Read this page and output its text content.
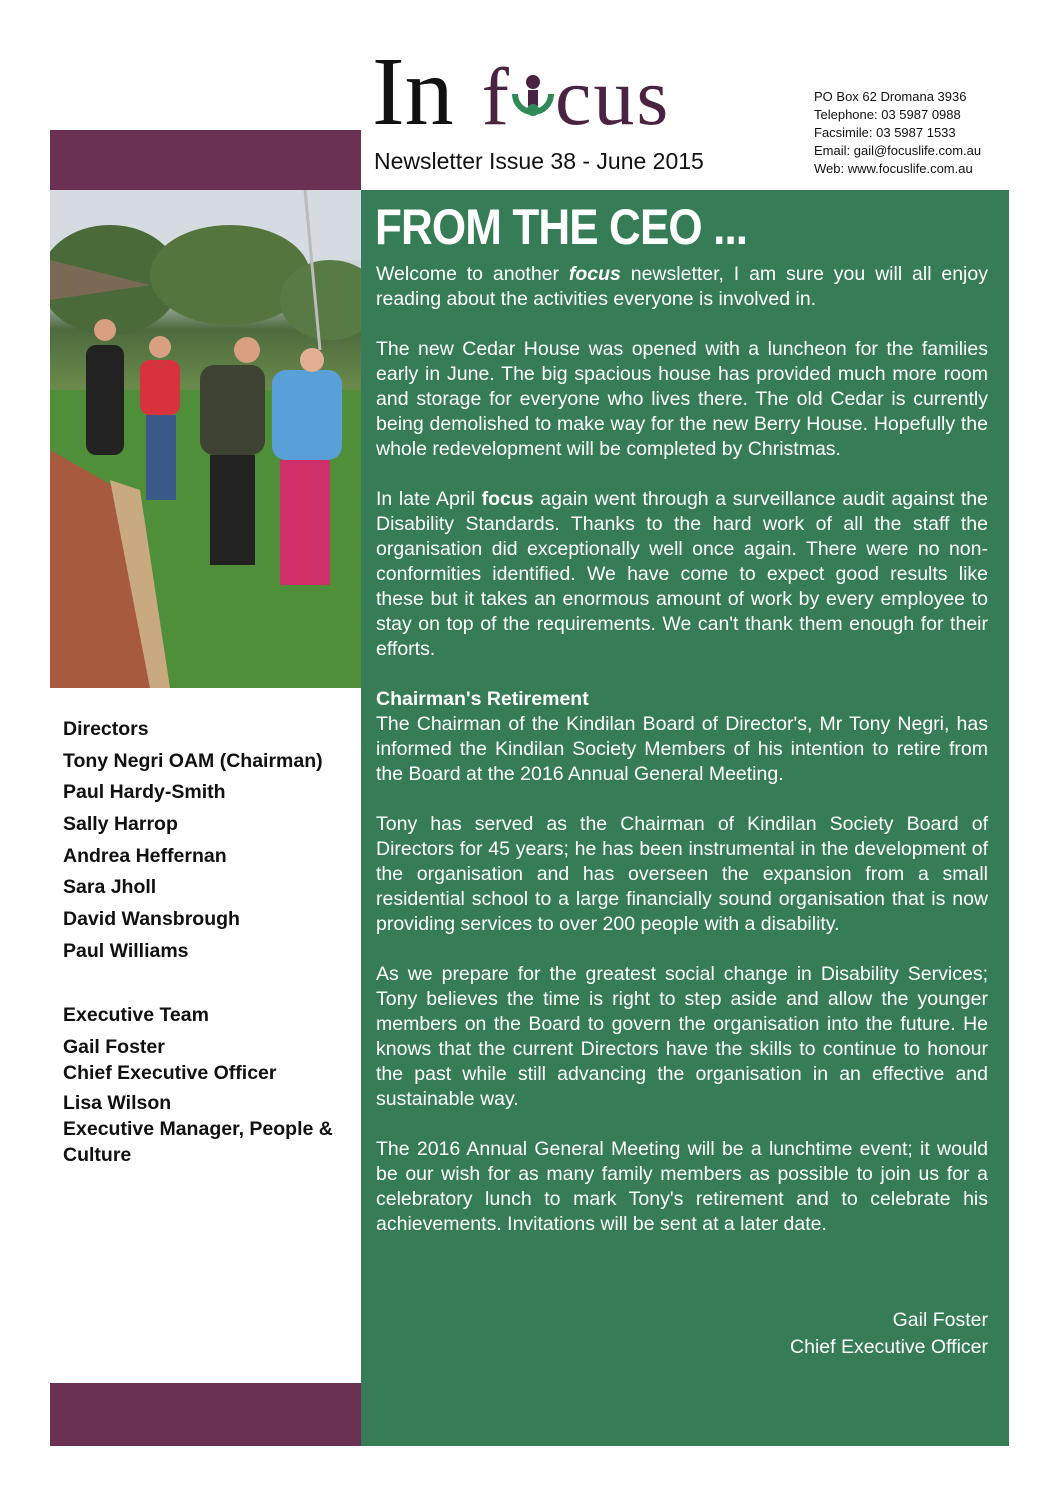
In f cus
Newsletter Issue 38 - June 2015
PO Box 62 Dromana 3936
Telephone: 03 5987 0988
Facsimile: 03 5987 1533
Email: gail@focuslife.com.au
Web: www.focuslife.com.au
Directors
Tony Negri OAM (Chairman)
Paul Hardy-Smith
Sally Harrop
Andrea Heffernan
Sara Jholl
David Wansbrough
Paul Williams
Executive Team
Gail Foster
Chief Executive Officer
Lisa Wilson
Executive Manager, People & Culture
FROM THE CEO ...

Welcome to another focus newsletter, I am sure you will all enjoy reading about the activities everyone is involved in.

The new Cedar House was opened with a luncheon for the families early in June. The big spacious house has provided much more room and storage for everyone who lives there. The old Cedar is currently being demolished to make way for the new Berry House. Hopefully the whole redevelopment will be completed by Christmas.

In late April focus again went through a surveillance audit against the Disability Standards. Thanks to the hard work of all the staff the organisation did exceptionally well once again. There were no non-conformities identified. We have come to expect good results like these but it takes an enormous amount of work by every employee to stay on top of the requirements. We can't thank them enough for their efforts.

Chairman's Retirement

The Chairman of the Kindilan Board of Director's, Mr Tony Negri, has informed the Kindilan Society Members of his intention to retire from the Board at the 2016 Annual General Meeting.

Tony has served as the Chairman of Kindilan Society Board of Directors for 45 years; he has been instrumental in the development of the organisation and has overseen the expansion from a small residential school to a large financially sound organisation that is now providing services to over 200 people with a disability.

As we prepare for the greatest social change in Disability Services; Tony believes the time is right to step aside and allow the younger members on the Board to govern the organisation into the future. He knows that the current Directors have the skills to continue to honour the past while still advancing the organisation in an effective and sustainable way.

The 2016 Annual General Meeting will be a lunchtime event; it would be our wish for as many family members as possible to join us for a celebratory lunch to mark Tony's retirement and to celebrate his achievements. Invitations will be sent at a later date.

Gail Foster
Chief Executive Officer
